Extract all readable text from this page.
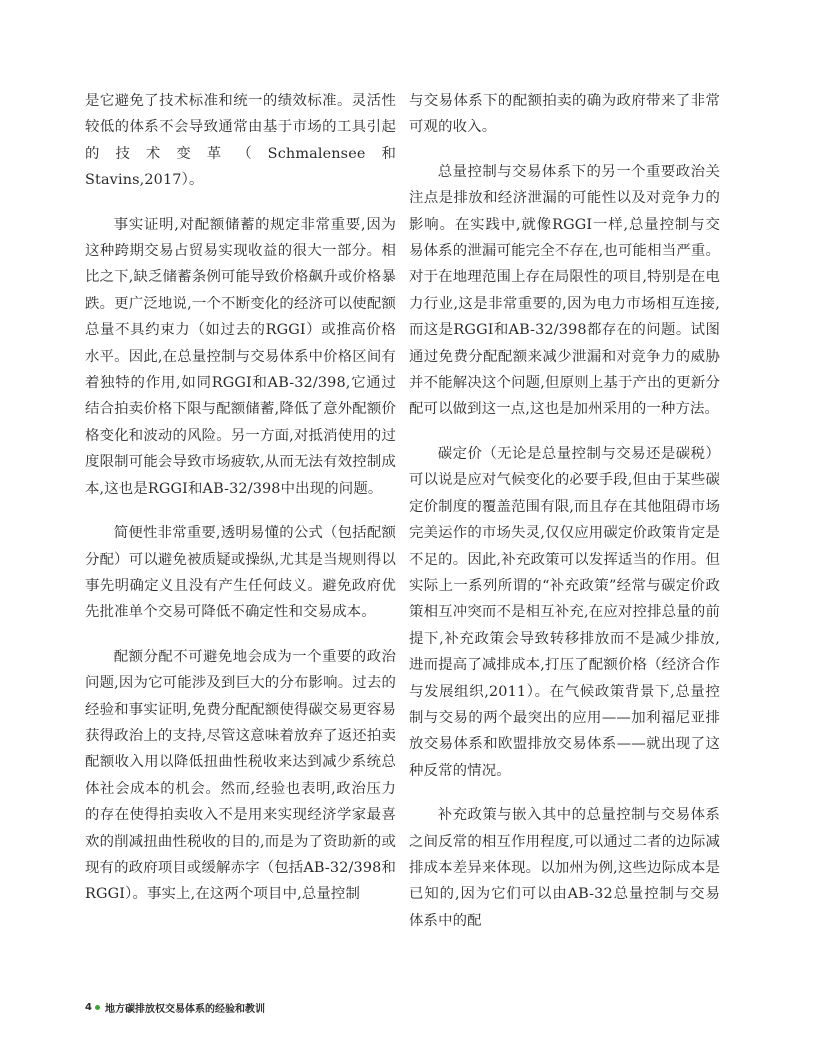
是它避免了技术标准和统一的绩效标准。灵活性较低的体系不会导致通常由基于市场的工具引起的技术变革（Schmalensee和Stavins,2017）。

事实证明,对配额储蓄的规定非常重要,因为这种跨期交易占贸易实现收益的很大一部分。相比之下,缺乏储蓄条例可能导致价格飙升或价格暴跌。更广泛地说,一个不断变化的经济可以使配额总量不具约束力（如过去的RGGI）或推高价格水平。因此,在总量控制与交易体系中价格区间有着独特的作用,如同RGGI和AB-32/398,它通过结合拍卖价格下限与配额储蓄,降低了意外配额价格变化和波动的风险。另一方面,对抵消使用的过度限制可能会导致市场疲软,从而无法有效控制成本,这也是RGGI和AB-32/398中出现的问题。

简便性非常重要,透明易懂的公式（包括配额分配）可以避免被质疑或操纵,尤其是当规则得以事先明确定义且没有产生任何歧义。避免政府优先批准单个交易可降低不确定性和交易成本。

配额分配不可避免地会成为一个重要的政治问题,因为它可能涉及到巨大的分布影响。过去的经验和事实证明,免费分配配额使得碳交易更容易获得政治上的支持,尽管这意味着放弃了返还拍卖配额收入用以降低扭曲性税收来达到减少系统总体社会成本的机会。然而,经验也表明,政治压力的存在使得拍卖收入不是用来实现经济学家最喜欢的削减扭曲性税收的目的,而是为了资助新的或现有的政府项目或缓解赤字（包括AB-32/398和RGGI）。事实上,在这两个项目中,总量控制

与交易体系下的配额拍卖的确为政府带来了非常可观的收入。

总量控制与交易体系下的另一个重要政治关注点是排放和经济泄漏的可能性以及对竞争力的影响。在实践中,就像RGGI一样,总量控制与交易体系的泄漏可能完全不存在,也可能相当严重。对于在地理范围上存在局限性的项目,特别是在电力行业,这是非常重要的,因为电力市场相互连接,而这是RGGI和AB-32/398都存在的问题。试图通过免费分配配额来减少泄漏和对竞争力的威胁并不能解决这个问题,但原则上基于产出的更新分配可以做到这一点,这也是加州采用的一种方法。

碳定价（无论是总量控制与交易还是碳税）可以说是应对气候变化的必要手段,但由于某些碳定价制度的覆盖范围有限,而且存在其他阻碍市场完美运作的市场失灵,仅仅应用碳定价政策肯定是不足的。因此,补充政策可以发挥适当的作用。但实际上一系列所谓的“补充政策”经常与碳定价政策相互冲突而不是相互补充,在应对控排总量的前提下,补充政策会导致转移排放而不是减少排放,进而提高了减排成本,打压了配额价格（经济合作与发展组织,2011）。在气候政策背景下,总量控制与交易的两个最突出的应用——加利福尼亚排放交易体系和欧盟排放交易体系——就出现了这种反常的情况。

补充政策与嵌入其中的总量控制与交易体系之间反常的相互作用程度,可以通过二者的边际减排成本差异来体现。以加州为例,这些边际成本是已知的,因为它们可以由AB-32总量控制与交易体系中的配

4 地方碳排放权交易体系的经验和教训
